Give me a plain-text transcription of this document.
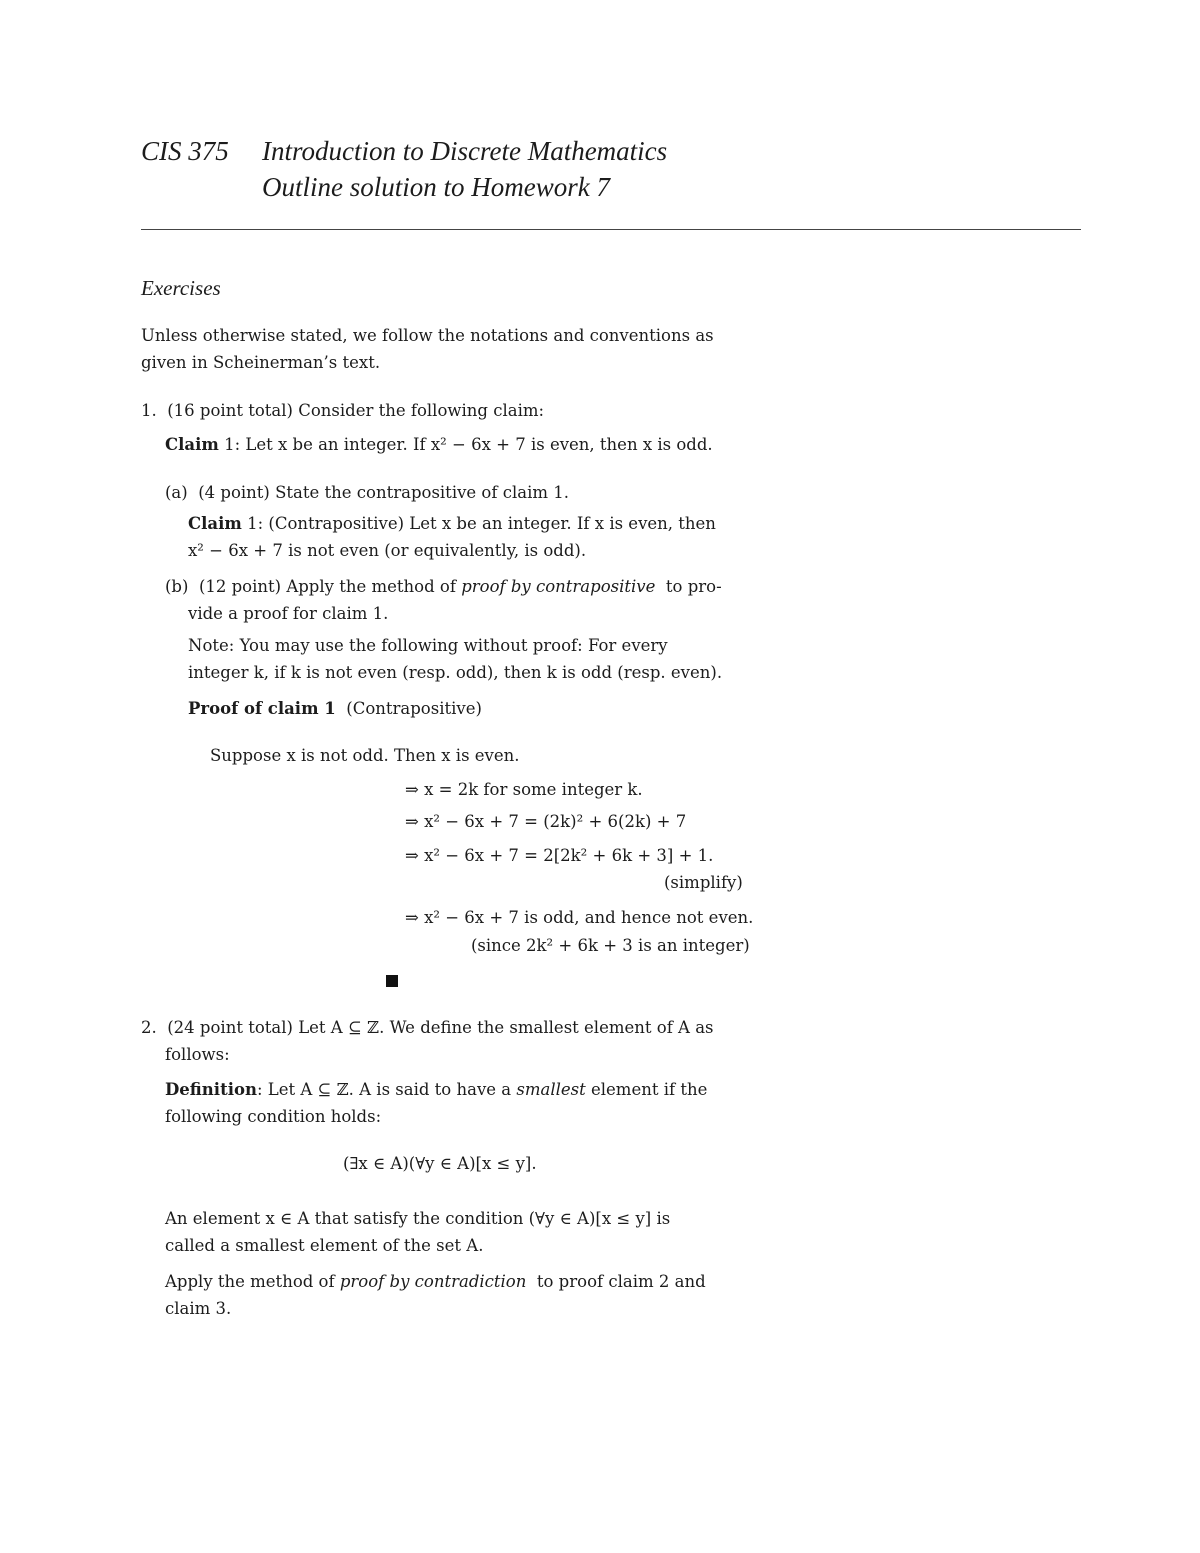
CIS 375 Introduction to Discrete Mathematics
Outline solution to Homework 7
Exercises
Unless otherwise stated, we follow the notations and conventions as
given in Scheinerman’s text.
1. (16 point total) Consider the following claim:
Claim 1: Let x be an integer. If x² − 6x + 7 is even, then x is odd.
(a) (4 point) State the contrapositive of claim 1.
Claim 1: (Contrapositive) Let x be an integer. If x is even, then
x² − 6x + 7 is not even (or equivalently, is odd).
(b) (12 point) Apply the method of proof by contrapositive to pro-
vide a proof for claim 1.
Note: You may use the following without proof: For every
integer k, if k is not even (resp. odd), then k is odd (resp. even).
Proof of claim 1 (Contrapositive)
Suppose x is not odd. Then x is even.
⇒ x = 2k for some integer k.
⇒ x² − 6x + 7 = (2k)² + 6(2k) + 7
⇒ x² − 6x + 7 = 2[2k² + 6k + 3] + 1.
(simplify)
⇒ x² − 6x + 7 is odd, and hence not even.
(since 2k² + 6k + 3 is an integer)
2. (24 point total) Let A ⊆ ℤ. We define the smallest element of A as
follows:
Definition: Let A ⊆ ℤ. A is said to have a smallest element if the
following condition holds:
(∃x ∈ A)(∀y ∈ A)[x ≤ y].
An element x ∈ A that satisfy the condition (∀y ∈ A)[x ≤ y] is
called a smallest element of the set A.
Apply the method of proof by contradiction to proof claim 2 and
claim 3.
